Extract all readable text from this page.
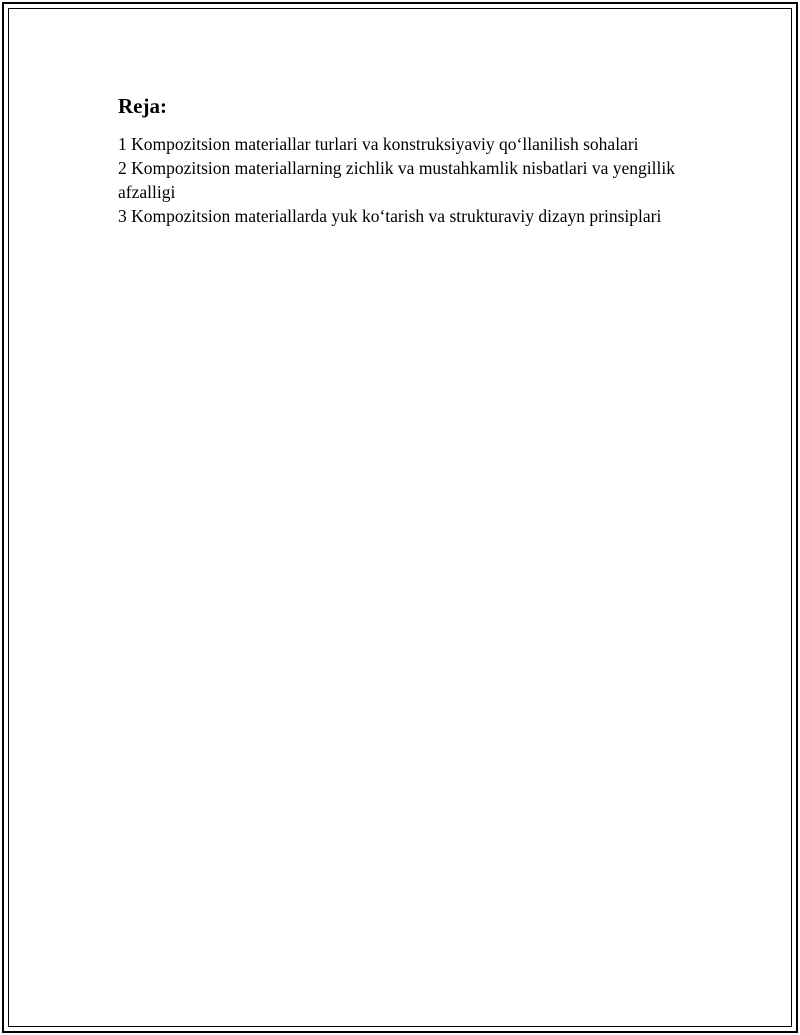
Reja:
1 Kompozitsion materiallar turlari va konstruksiyaviy qo‘llanilish sohalari
2 Kompozitsion materiallarning zichlik va mustahkamlik nisbatlari va yengillik afzalligi
3 Kompozitsion materiallarda yuk ko‘tarish va strukturaviy dizayn prinsiplari
